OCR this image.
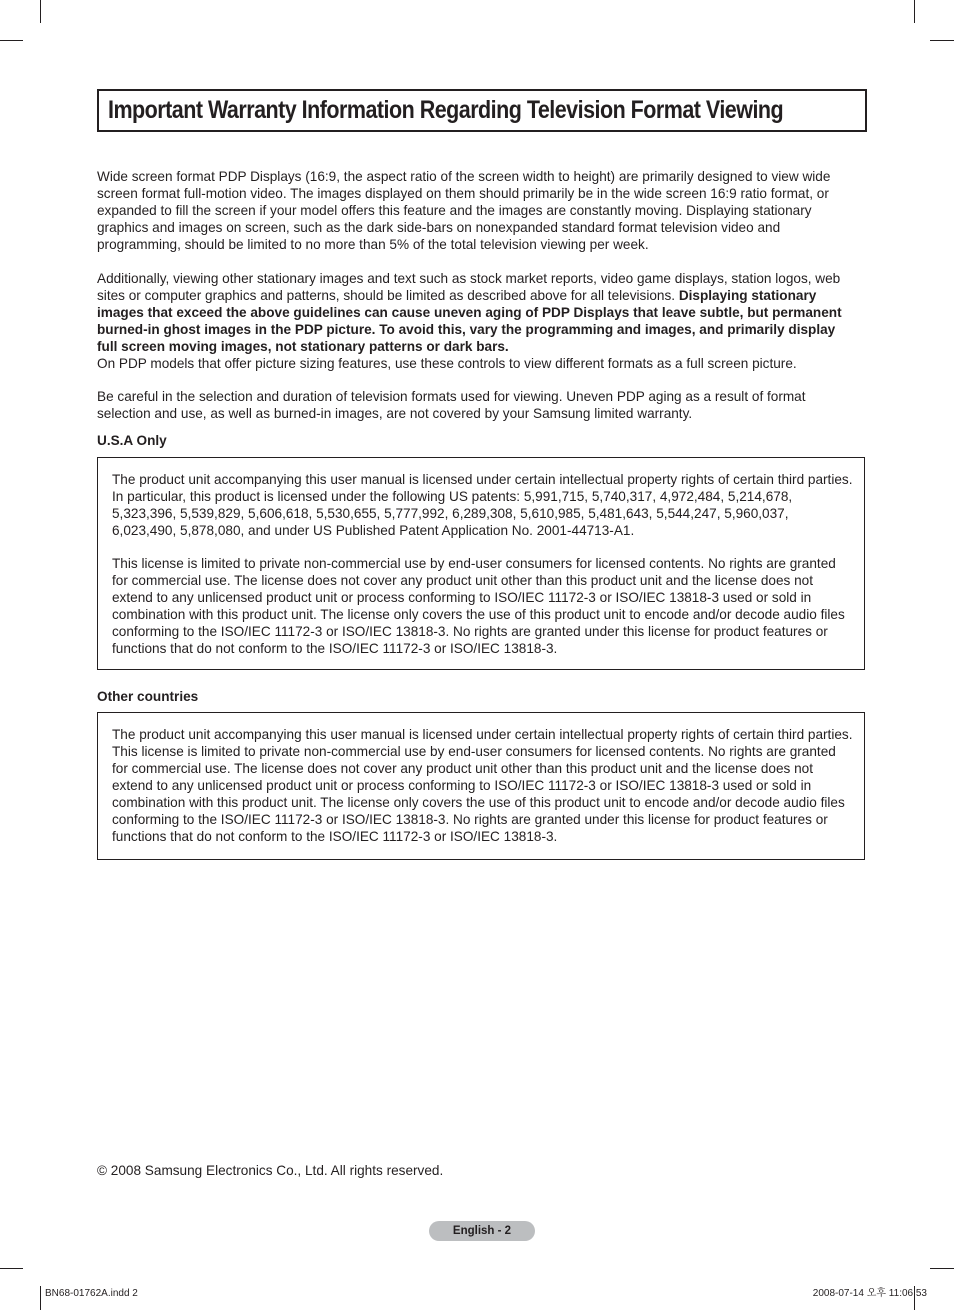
Important Warranty Information Regarding Television Format Viewing
Wide screen format PDP Displays (16:9, the aspect ratio of the screen width to height) are primarily designed to view wide screen format full-motion video. The images displayed on them should primarily be in the wide screen 16:9 ratio format, or expanded to fill the screen if your model offers this feature and the images are constantly moving. Displaying stationary graphics and images on screen, such as the dark side-bars on nonexpanded standard format television video and programming, should be limited to no more than 5% of the total television viewing per week.
Additionally, viewing other stationary images and text such as stock market reports, video game displays, station logos, web sites or computer graphics and patterns, should be limited as described above for all televisions. Displaying stationary images that exceed the above guidelines can cause uneven aging of PDP Displays that leave subtle, but permanent burned-in ghost images in the PDP picture. To avoid this, vary the programming and images, and primarily display full screen moving images, not stationary patterns or dark bars.
On PDP models that offer picture sizing features, use these controls to view different formats as a full screen picture.
Be careful in the selection and duration of television formats used for viewing. Uneven PDP aging as a result of format selection and use, as well as burned-in images, are not covered by your Samsung limited warranty.
U.S.A Only
The product unit accompanying this user manual is licensed under certain intellectual property rights of certain third parties. In particular, this product is licensed under the following US patents: 5,991,715, 5,740,317, 4,972,484, 5,214,678, 5,323,396, 5,539,829, 5,606,618, 5,530,655, 5,777,992, 6,289,308, 5,610,985, 5,481,643, 5,544,247, 5,960,037, 6,023,490, 5,878,080, and under US Published Patent Application No. 2001-44713-A1.
This license is limited to private non-commercial use by end-user consumers for licensed contents. No rights are granted for commercial use. The license does not cover any product unit other than this product unit and the license does not extend to any unlicensed product unit or process conforming to ISO/IEC 11172-3 or ISO/IEC 13818-3 used or sold in combination with this product unit. The license only covers the use of this product unit to encode and/or decode audio files conforming to the ISO/IEC 11172-3 or ISO/IEC 13818-3. No rights are granted under this license for product features or functions that do not conform to the ISO/IEC 11172-3 or ISO/IEC 13818-3.
Other countries
The product unit accompanying this user manual is licensed under certain intellectual property rights of certain third parties. This license is limited to private non-commercial use by end-user consumers for licensed contents. No rights are granted for commercial use. The license does not cover any product unit other than this product unit and the license does not extend to any unlicensed product unit or process conforming to ISO/IEC 11172-3 or ISO/IEC 13818-3 used or sold in combination with this product unit. The license only covers the use of this product unit to encode and/or decode audio files conforming to the ISO/IEC 11172-3 or ISO/IEC 13818-3. No rights are granted under this license for product features or functions that do not conform to the ISO/IEC 11172-3 or ISO/IEC 13818-3.
© 2008 Samsung Electronics Co., Ltd. All rights reserved.
English - 2
BN68-01762A.indd 2	2008-07-14 오후 11:06:53
